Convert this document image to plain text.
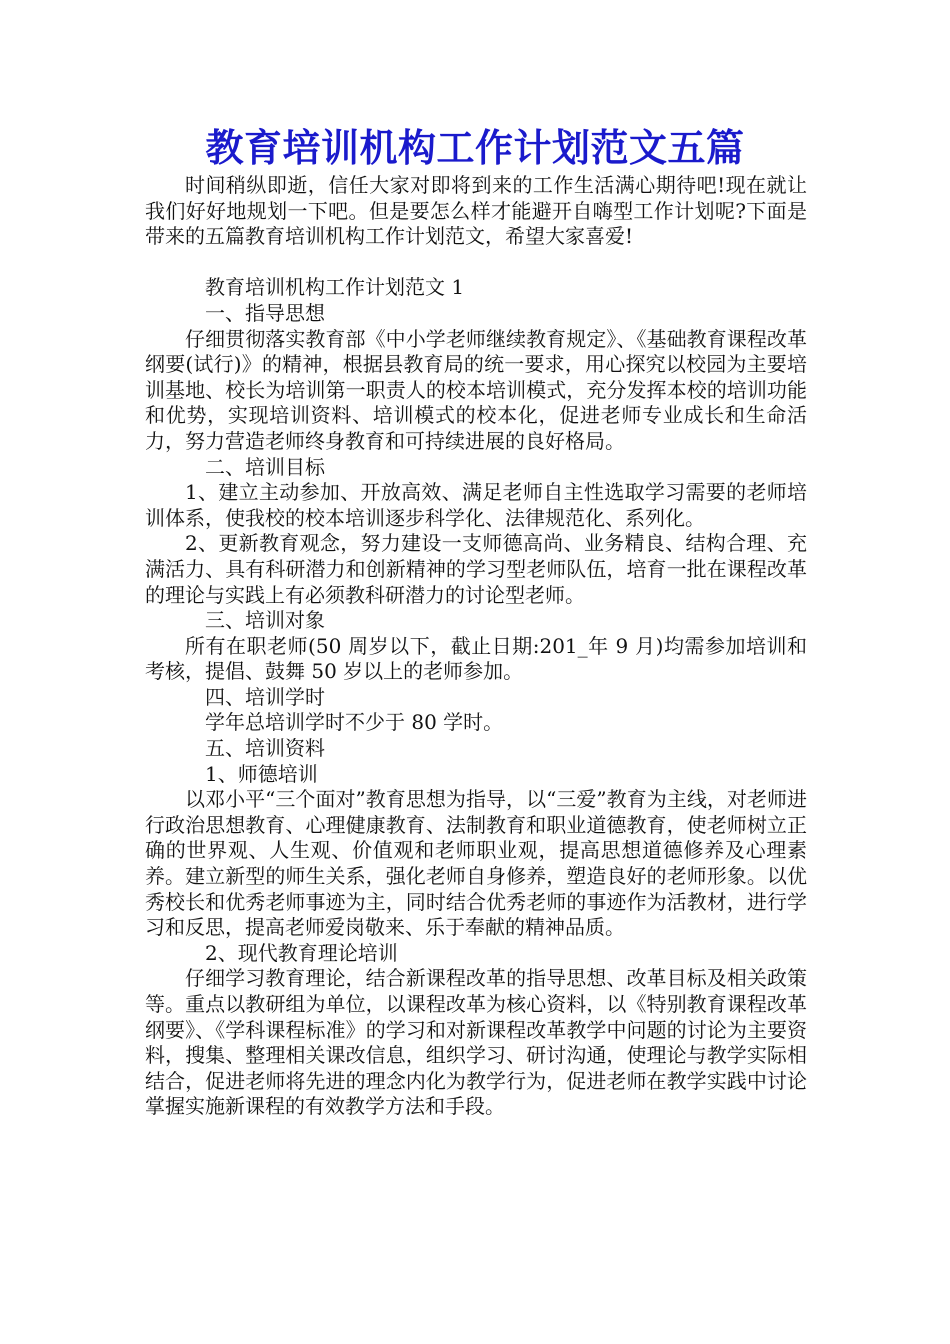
教育培训机构工作计划范文五篇

时间稍纵即逝，信任大家对即将到来的工作生活满心期待吧!现在就让我们好好地规划一下吧。但是要怎么样才能避开自嗨型工作计划呢?下面是带来的五篇教育培训机构工作计划范文，希望大家喜爱!

教育培训机构工作计划范文 1

一、指导思想

仔细贯彻落实教育部《中小学老师继续教育规定》、《基础教育课程改革纲要(试行)》的精神，根据县教育局的统一要求，用心探究以校园为主要培训基地、校长为培训第一职责人的校本培训模式，充分发挥本校的培训功能和优势，实现培训资料、培训模式的校本化，促进老师专业成长和生命活力，努力营造老师终身教育和可持续进展的良好格局。

二、培训目标

1、建立主动参加、开放高效、满足老师自主性选取学习需要的老师培训体系，使我校的校本培训逐步科学化、法律规范化、系列化。

2、更新教育观念，努力建设一支师德高尚、业务精良、结构合理、充满活力、具有科研潜力和创新精神的学习型老师队伍，培育一批在课程改革的理论与实践上有必须教科研潜力的讨论型老师。

三、培训对象

所有在职老师(50 周岁以下，截止日期:201_年 9 月)均需参加培训和考核，提倡、鼓舞 50 岁以上的老师参加。

四、培训学时

学年总培训学时不少于 80 学时。

五、培训资料

1、师德培训

以邓小平“三个面对”教育思想为指导，以“三爱”教育为主线，对老师进行政治思想教育、心理健康教育、法制教育和职业道德教育，使老师树立正确的世界观、人生观、价值观和老师职业观，提高思想道德修养及心理素养。建立新型的师生关系，强化老师自身修养，塑造良好的老师形象。以优秀校长和优秀老师事迹为主，同时结合优秀老师的事迹作为活教材，进行学习和反思，提高老师爱岗敬来、乐于奉献的精神品质。

2、现代教育理论培训

仔细学习教育理论，结合新课程改革的指导思想、改革目标及相关政策等。重点以教研组为单位，以课程改革为核心资料，以《特别教育课程改革纲要》、《学科课程标准》的学习和对新课程改革教学中问题的讨论为主要资料，搜集、整理相关课改信息，组织学习、研讨沟通，使理论与教学实际相结合，促进老师将先进的理念内化为教学行为，促进老师在教学实践中讨论掌握实施新课程的有效教学方法和手段。
